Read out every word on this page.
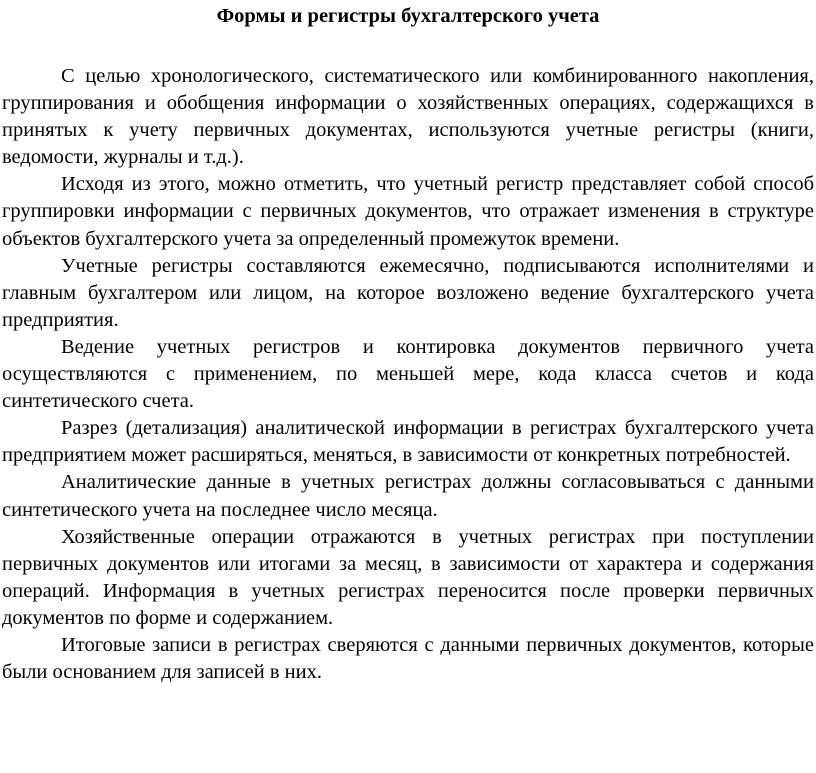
Формы и регистры бухгалтерского учета

С целью хронологического, систематического или комбинированного накопления, группирования и обобщения информации о хозяйственных операциях, содержащихся в принятых к учету первичных документах, используются учетные регистры (книги, ведомости, журналы и т.д.).

Исходя из этого, можно отметить, что учетный регистр представляет собой способ группировки информации с первичных документов, что отражает изменения в структуре объектов бухгалтерского учета за определенный промежуток времени.

Учетные регистры составляются ежемесячно, подписываются исполнителями и главным бухгалтером или лицом, на которое возложено ведение бухгалтерского учета предприятия.

Ведение учетных регистров и контировка документов первичного учета осуществляются с применением, по меньшей мере, кода класса счетов и кода синтетического счета.

Разрез (детализация) аналитической информации в регистрах бухгалтерского учета предприятием может расширяться, меняться, в зависимости от конкретных потребностей.

Аналитические данные в учетных регистрах должны согласовываться с данными синтетического учета на последнее число месяца.

Хозяйственные операции отражаются в учетных регистрах при поступлении первичных документов или итогами за месяц, в зависимости от характера и содержания операций. Информация в учетных регистрах переносится после проверки первичных документов по форме и содержанием.

Итоговые записи в регистрах сверяются с данными первичных документов, которые были основанием для записей в них.
